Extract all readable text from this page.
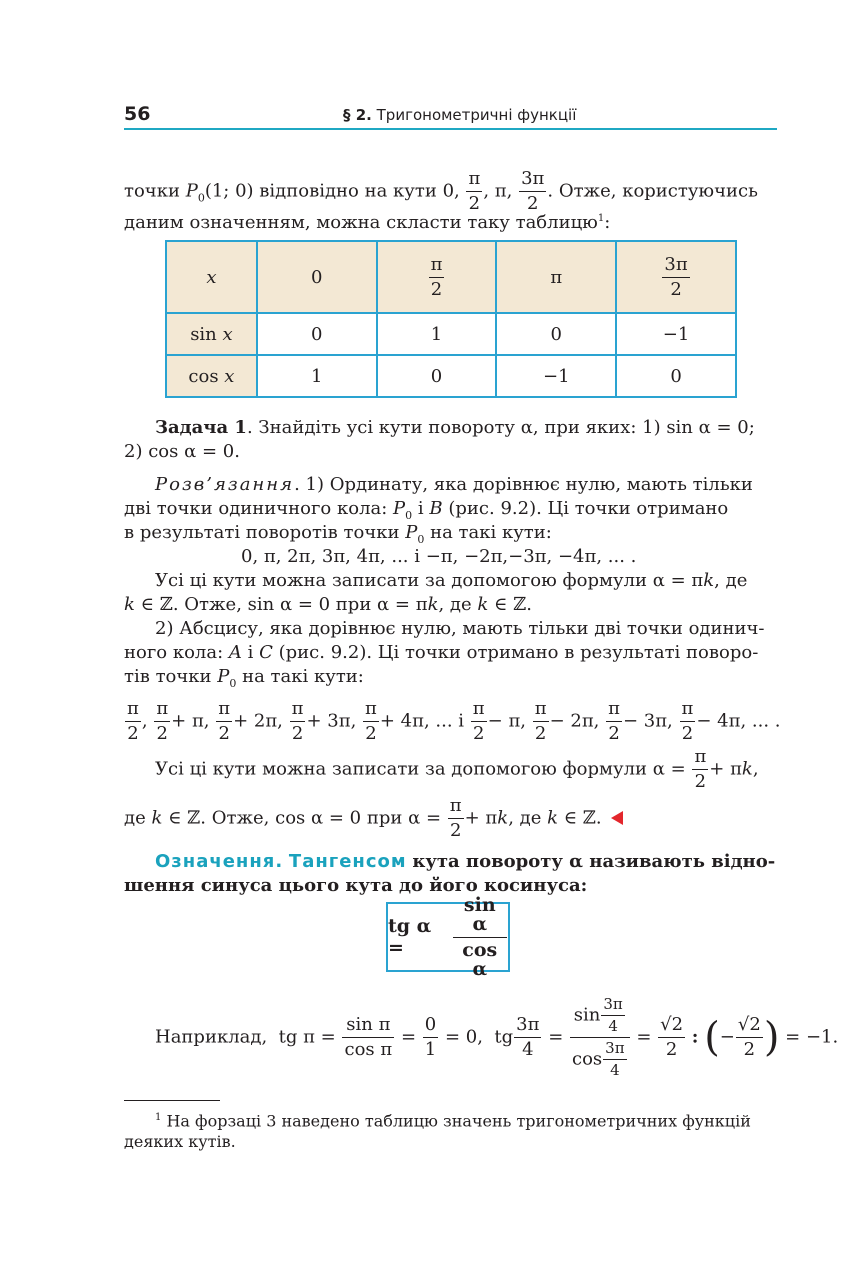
56	§ 2. Тригонометричні функції
точки $P_0(1$; 0) відповідно на кути 0, $\frac{\pi}{2}$ , π, $\frac{3\pi}{2}$ . Отже, користуючись
даним означенням, можна скласти таку таблицю$^1$:
x	0	$\frac{\pi}{2}$	π	$\frac{3\pi}{2}$

sin x	0	1	0	−1
cos x	1	0	−1	0
Задача 1. Знайдіть усі кути повороту α, при яких: 1) sin α = 0;
2) cos α = 0.
Розв’язання. 1) Ординату, яка дорівнює нулю, мають тільки
дві точки одиничного кола: $P_0$ і B (рис. 9.2). Ці точки отримано
в результаті поворотів точки $P_0$ на такі кути:
0, π, 2π, 3π, 4π, ... і −π, −2π,−3π, −4π, ... .
Усі ці кути можна записати за допомогою формули α = πk, де
k ∈ ℤ. Отже, sin α = 0 при α = πk, де k ∈ ℤ.
2) Абсцису, яка дорівнює нулю, мають тільки дві точки одинич-
ного кола: A і C (рис. 9.2). Ці точки отримано в результаті поворо-
тів точки $P_0$ на такі кути:
$\frac{\pi}{2}$ , $\frac{\pi}{2} + \pi$, $\frac{\pi}{2} + 2\pi$, $\frac{\pi}{2} + 3\pi$, $\frac{\pi}{2} + 4\pi$, ... і $\frac{\pi}{2} - \pi$, $\frac{\pi}{2} - 2\pi$, $\frac{\pi}{2} - 3\pi$, $\frac{\pi}{2} - 4\pi$, ... .
Усі ці кути можна записати за допомогою формули $\alpha = \frac{\pi}{2} + \pi k$,
де k ∈ ℤ. Отже, cos α = 0 при $\alpha = \frac{\pi}{2} + \pi k$, де k ∈ ℤ.
Означення. Тангенсом кута повороту α називають відно-
шення синуса цього кута до його косинуса:
tg α =	$\frac{\text{sin α}}{\text{cos α}}$
Наприклад, tg $\pi = \frac{\text{sin π}}{\text{cos π}} = \frac{0}{1} = 0$, tg $\frac{3\pi}{4} = \frac{\sin \frac{3\pi}{4}}{\cos \frac{3\pi}{4}} = \frac{√2}{2}$ : (− $\frac{√2}{2}$ ) = −1.
$^1$ На форзаці 3 наведено таблицю значень тригонометричних функцій
деяких кутів.
